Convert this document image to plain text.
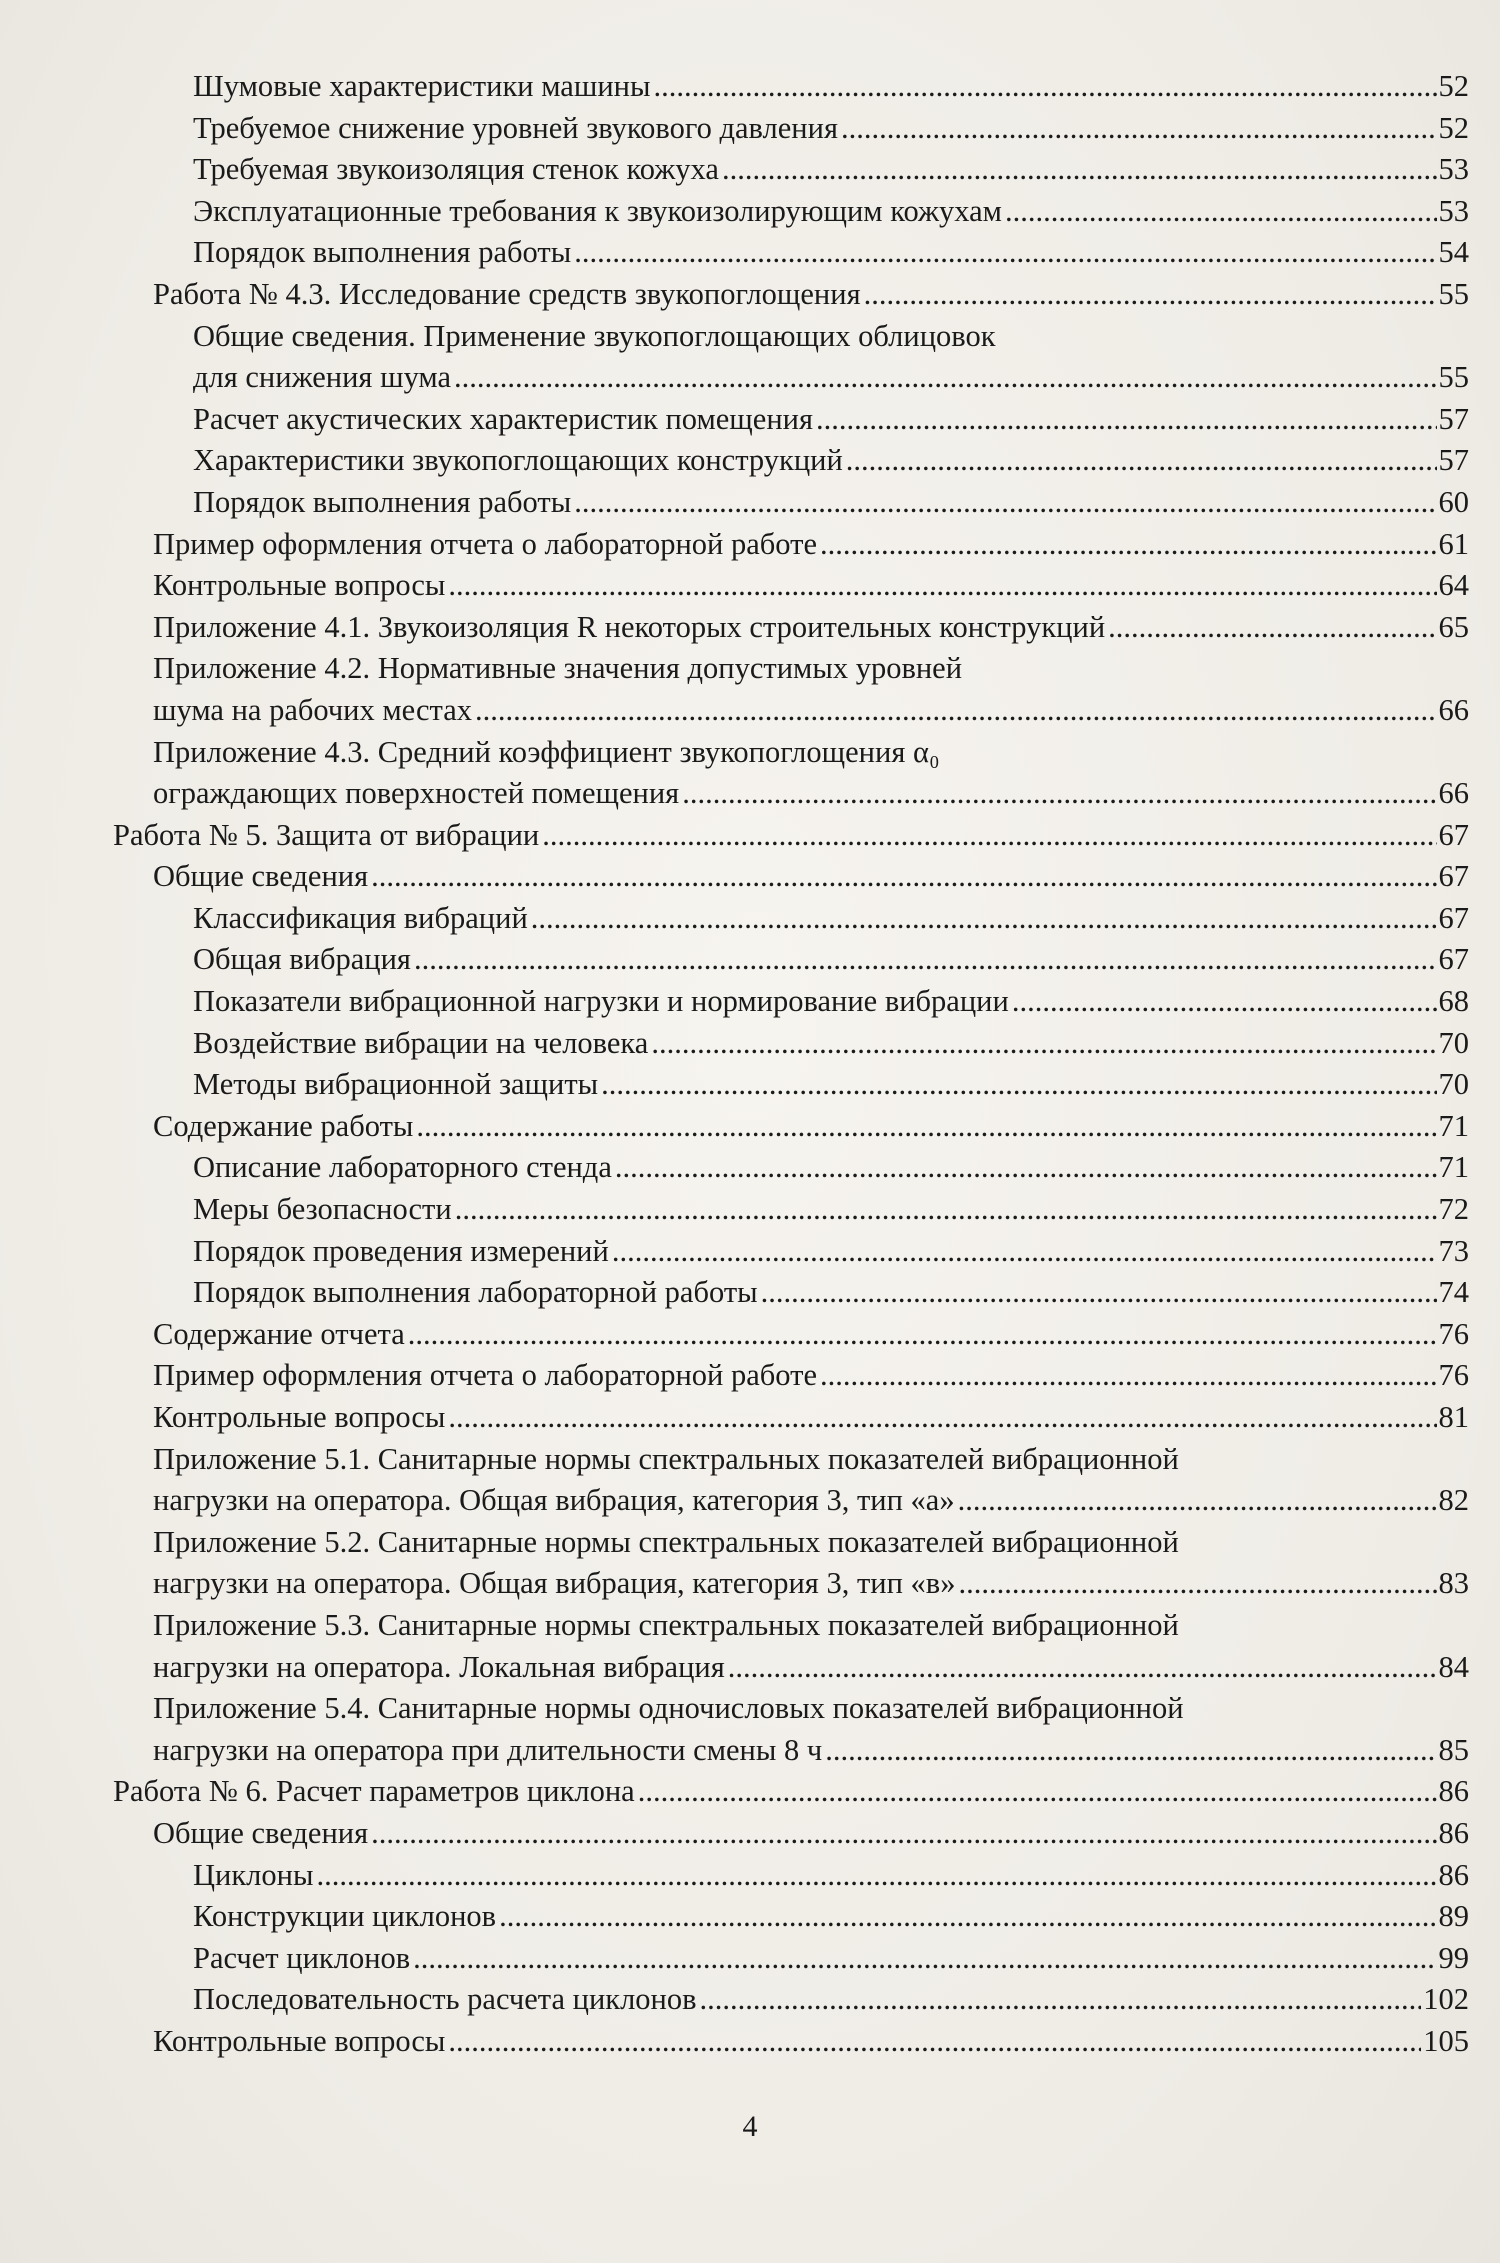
Шумовые характеристики машины .....	52
Требуемое снижение уровней звукового давления .....	52
Требуемая звукоизоляция стенок кожуха .....	53
Эксплуатационные требования к звукоизолирующим кожухам .....	53
Порядок выполнения работы .....	54
Работа № 4.3. Исследование средств звукопоглощения .....	55
Общие сведения. Применение звукопоглощающих облицовок
для снижения шума .....	55
Расчет акустических характеристик помещения .....	57
Характеристики звукопоглощающих конструкций .....	57
Порядок выполнения работы .....	60
Пример оформления отчета о лабораторной работе .....	61
Контрольные вопросы .....	64
Приложение 4.1. Звукоизоляция R некоторых строительных конструкций .....	65
Приложение 4.2. Нормативные значения допустимых уровней
шума на рабочих местах .....	66
Приложение 4.3. Средний коэффициент звукопоглощения α₀
ограждающих поверхностей помещения .....	66
Работа № 5. Защита от вибрации .....	67
Общие сведения .....	67
Классификация вибраций .....	67
Общая вибрация .....	67
Показатели вибрационной нагрузки и нормирование вибрации .....	68
Воздействие вибрации на человека .....	70
Методы вибрационной защиты .....	70
Содержание работы .....	71
Описание лабораторного стенда .....	71
Меры безопасности .....	72
Порядок проведения измерений .....	73
Порядок выполнения лабораторной работы .....	74
Содержание отчета .....	76
Пример оформления отчета о лабораторной работе .....	76
Контрольные вопросы .....	81
Приложение 5.1. Санитарные нормы спектральных показателей вибрационной
нагрузки на оператора. Общая вибрация, категория 3, тип «а» .....	82
Приложение 5.2. Санитарные нормы спектральных показателей вибрационной
нагрузки на оператора. Общая вибрация, категория 3, тип «в» .....	83
Приложение 5.3. Санитарные нормы спектральных показателей вибрационной
нагрузки на оператора. Локальная вибрация .....	84
Приложение 5.4. Санитарные нормы одночисловых показателей вибрационной
нагрузки на оператора при длительности смены 8 ч .....	85
Работа № 6. Расчет параметров циклона .....	86
Общие сведения .....	86
Циклоны .....	86
Конструкции циклонов .....	89
Расчет циклонов .....	99
Последовательность расчета циклонов .....	102
Контрольные вопросы .....	105
4
